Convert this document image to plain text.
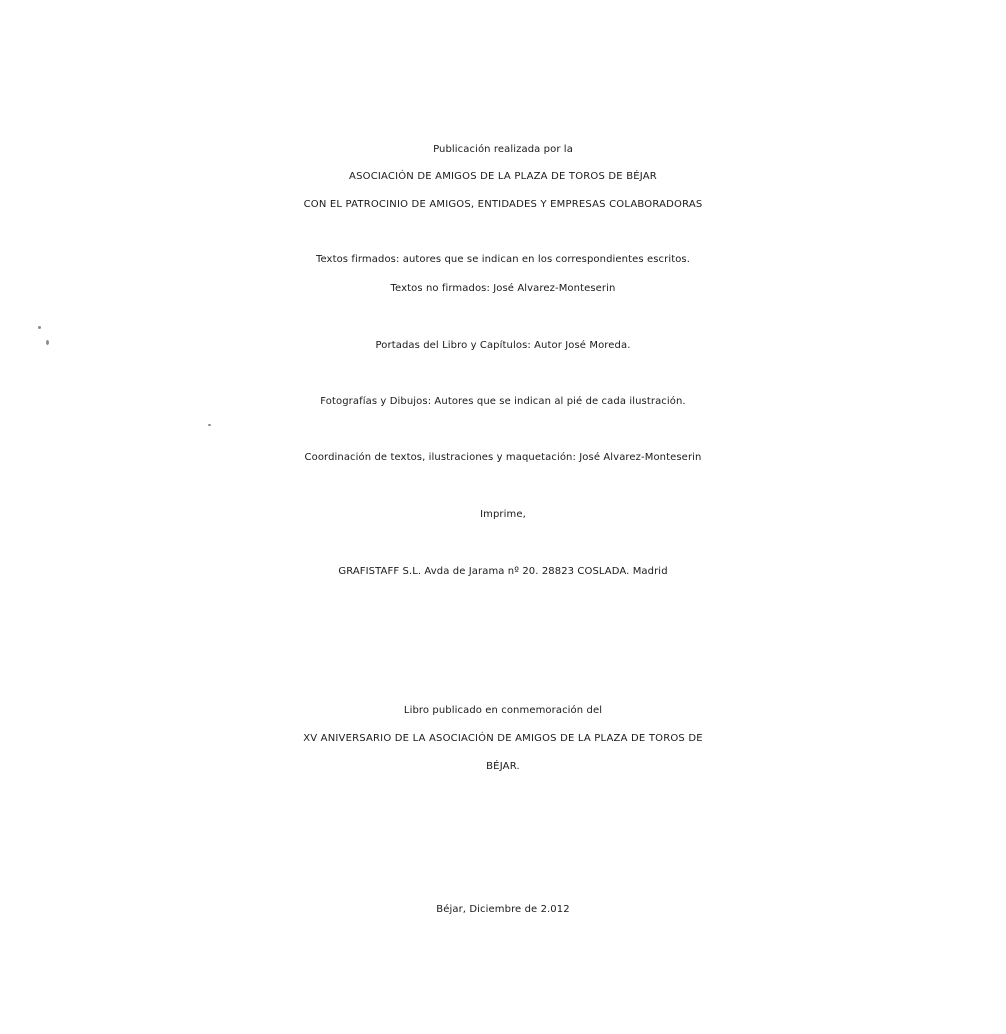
Publicación realizada por la
ASOCIACIÓN DE AMIGOS DE LA PLAZA DE TOROS DE BÉJAR
CON EL PATROCINIO DE AMIGOS, ENTIDADES Y EMPRESAS COLABORADORAS
Textos firmados: autores que se indican en los correspondientes escritos.
Textos no firmados: José Alvarez-Monteserin
Portadas del Libro y Capítulos: Autor José Moreda.
Fotografías y Dibujos: Autores que se indican al pié de cada ilustración.
Coordinación de textos, ilustraciones y maquetación: José Alvarez-Monteserin
Imprime,
GRAFISTAFF S.L. Avda de Jarama nº 20. 28823 COSLADA. Madrid
Libro publicado en conmemoración del
XV ANIVERSARIO DE LA ASOCIACIÓN DE AMIGOS DE LA PLAZA DE TOROS DE
BÉJAR.
Béjar, Diciembre de 2.012
